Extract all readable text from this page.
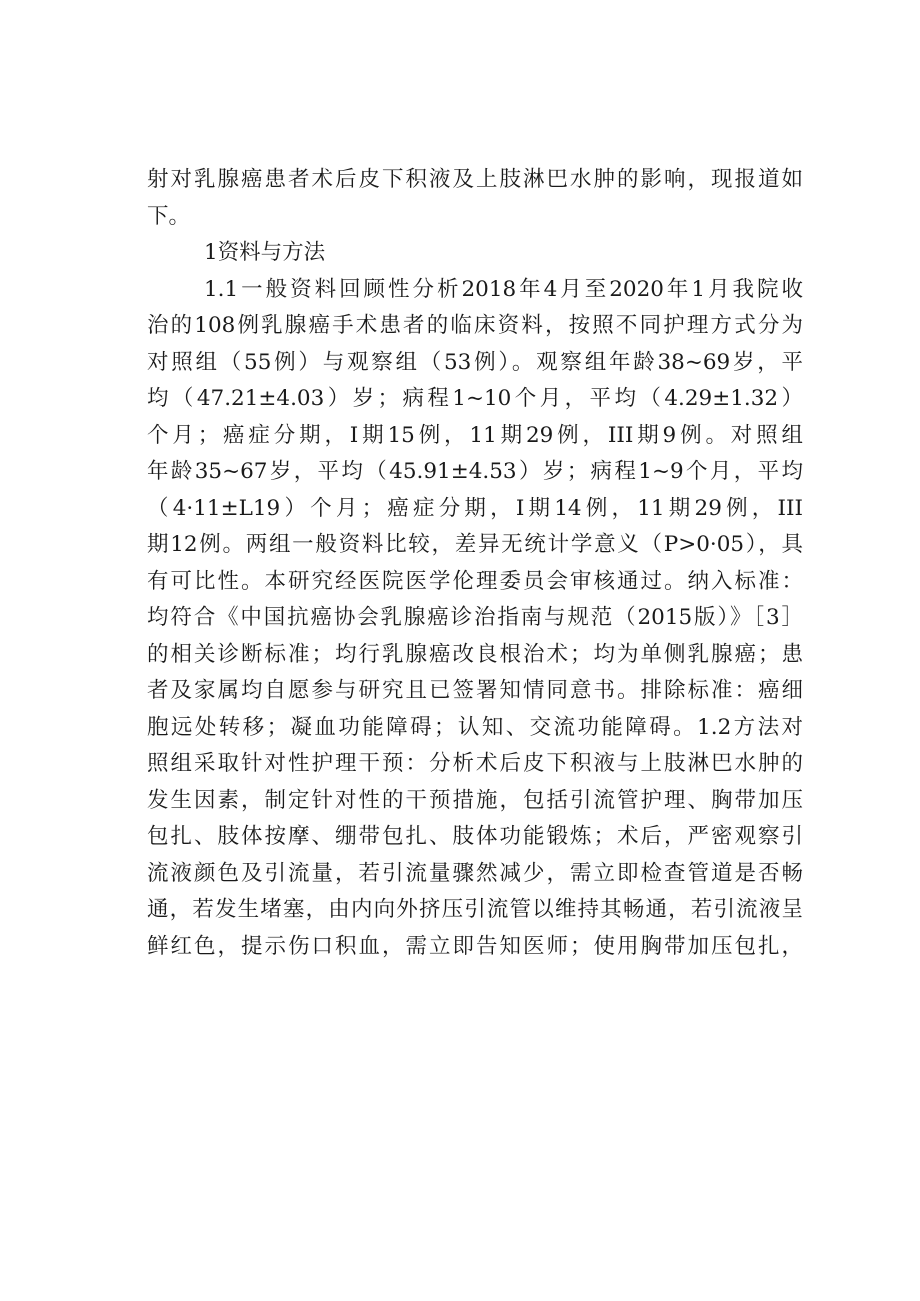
射对乳腺癌患者术后皮下积液及上肢淋巴水肿的影响，现报道如
下。
1资料与方法
1.1一般资料回顾性分析2018年4月至2020年1月我院收
治的108例乳腺癌手术患者的临床资料，按照不同护理方式分为
对照组（55例）与观察组（53例）。观察组年龄38~69岁，平
均（47.21±4.03）岁；病程1~10个月，平均（4.29±1.32）
个月；癌症分期，I期15例，11期29例，III期9例。对照组
年龄35~67岁，平均（45.91±4.53）岁；病程1~9个月，平均
（4·11±L19）个月；癌症分期，I期14例，11期29例，III
期12例。两组一般资料比较，差异无统计学意义（P>0·05），具
有可比性。本研究经医院医学伦理委员会审核通过。纳入标准：
均符合《中国抗癌协会乳腺癌诊治指南与规范（2015版）》［3］
的相关诊断标准；均行乳腺癌改良根治术；均为单侧乳腺癌；患
者及家属均自愿参与研究且已签署知情同意书。排除标准：癌细
胞远处转移；凝血功能障碍；认知、交流功能障碍。1.2方法对
照组采取针对性护理干预：分析术后皮下积液与上肢淋巴水肿的
发生因素，制定针对性的干预措施，包括引流管护理、胸带加压
包扎、肢体按摩、绷带包扎、肢体功能锻炼；术后，严密观察引
流液颜色及引流量，若引流量骤然减少，需立即检查管道是否畅
通，若发生堵塞，由内向外挤压引流管以维持其畅通，若引流液呈
鲜红色，提示伤口积血，需立即告知医师；使用胸带加压包扎，
